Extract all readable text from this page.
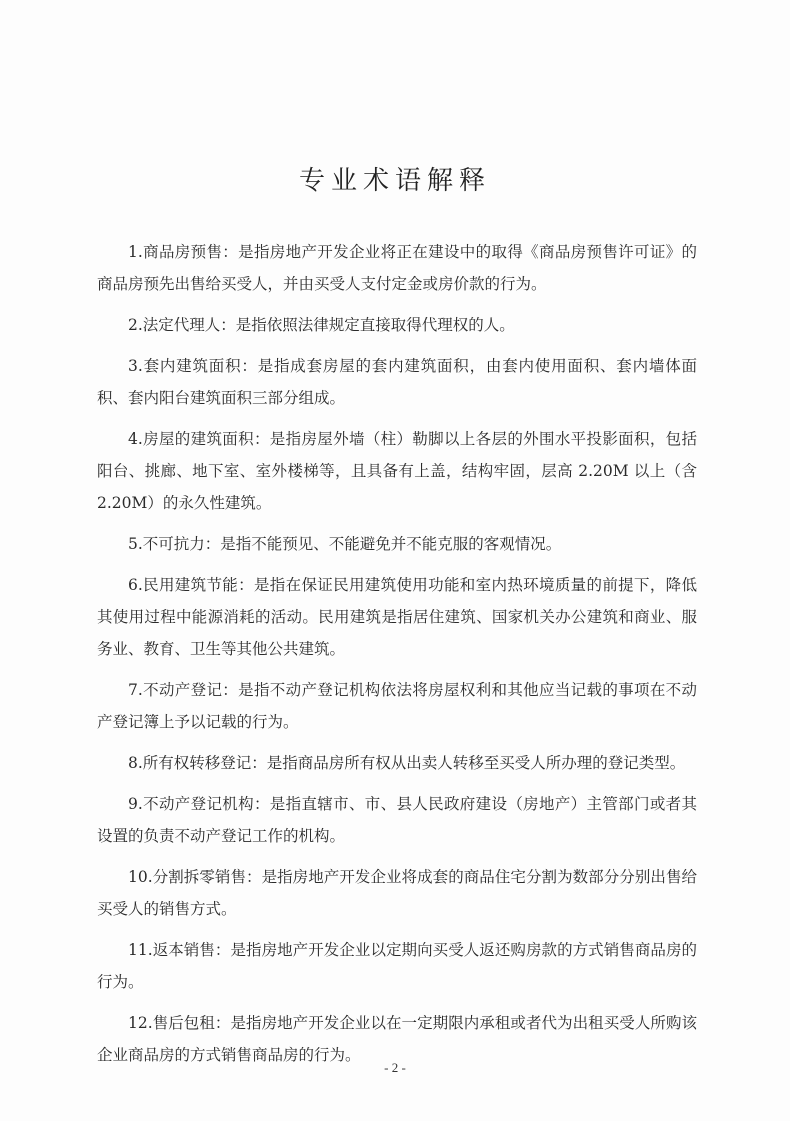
专业术语解释

1.商品房预售：是指房地产开发企业将正在建设中的取得《商品房预售许可证》的商品房预先出售给买受人，并由买受人支付定金或房价款的行为。

2.法定代理人：是指依照法律规定直接取得代理权的人。

3.套内建筑面积：是指成套房屋的套内建筑面积，由套内使用面积、套内墙体面积、套内阳台建筑面积三部分组成。

4.房屋的建筑面积：是指房屋外墙（柱）勒脚以上各层的外围水平投影面积，包括阳台、挑廊、地下室、室外楼梯等，且具备有上盖，结构牢固，层高 2.20M 以上（含 2.20M）的永久性建筑。

5.不可抗力：是指不能预见、不能避免并不能克服的客观情况。

6.民用建筑节能：是指在保证民用建筑使用功能和室内热环境质量的前提下，降低其使用过程中能源消耗的活动。民用建筑是指居住建筑、国家机关办公建筑和商业、服务业、教育、卫生等其他公共建筑。

7.不动产登记：是指不动产登记机构依法将房屋权利和其他应当记载的事项在不动产登记簿上予以记载的行为。

8.所有权转移登记：是指商品房所有权从出卖人转移至买受人所办理的登记类型。

9.不动产登记机构：是指直辖市、市、县人民政府建设（房地产）主管部门或者其设置的负责不动产登记工作的机构。

10.分割拆零销售：是指房地产开发企业将成套的商品住宅分割为数部分分别出售给买受人的销售方式。

11.返本销售：是指房地产开发企业以定期向买受人返还购房款的方式销售商品房的行为。

12.售后包租：是指房地产开发企业以在一定期限内承租或者代为出租买受人所购该企业商品房的方式销售商品房的行为。

- 2 -
